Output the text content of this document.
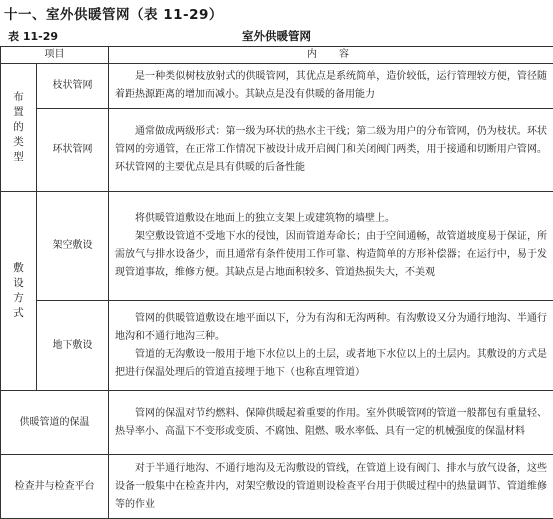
十一、室外供暖管网（表 11-29）
表 11-29	室外供暖管网
项目		内　容
布置的类型	枝状管网	是一种类似树枝放射式的供暖管网，其优点是系统简单，造价较低，运行管理较方便，管径随着距热源距离的增加而减小。其缺点是没有供暖的备用能力

	环状管网	通常做成两级形式：第一级为环状的热水主干线；第二级为用户的分布管网，仍为枝状。环状管网的旁通管，在正常工作情况下被设计成开启阀门和关闭阀门两类，用于接通和切断用户管网。环状管网的主要优点是具有供暖的后备性能

敷设方式	架空敷设	将供暖管道敷设在地面上的独立支架上或建筑物的墙壁上。

架空敷设管道不受地下水的侵蚀，因而管道寿命长；由于空间通畅，故管道坡度易于保证，所需放气与排水设备少，而且通常有条件使用工作可靠、构造简单的方形补偿器；在运行中，易于发现管道事故，维修方便。其缺点是占地面积较多、管道热损失大，不美观

	地下敷设	管网的供暖管道敷设在地平面以下，分为有沟和无沟两种。有沟敷设又分为通行地沟、半通行地沟和不通行地沟三种。

管道的无沟敷设一般用于地下水位以上的土层，或者地下水位以上的土层内。其敷设的方式是把进行保温处理后的管道直接埋于地下（也称直埋管道）

供暖管道的保温		管网的保温对节约燃料、保障供暖起着重要的作用。室外供暖管网的管道一般都包有重量轻、热导率小、高温下不变形或变质、不腐蚀、阻燃、吸水率低、具有一定的机械强度的保温材料

检查井与检查平台		对于半通行地沟、不通行地沟及无沟敷设的管线，在管道上设有阀门、排水与放气设备，这些设备一般集中在检查井内，对架空敷设的管道则设检查平台用于供暖过程中的热量调节、管道维修等的作业
